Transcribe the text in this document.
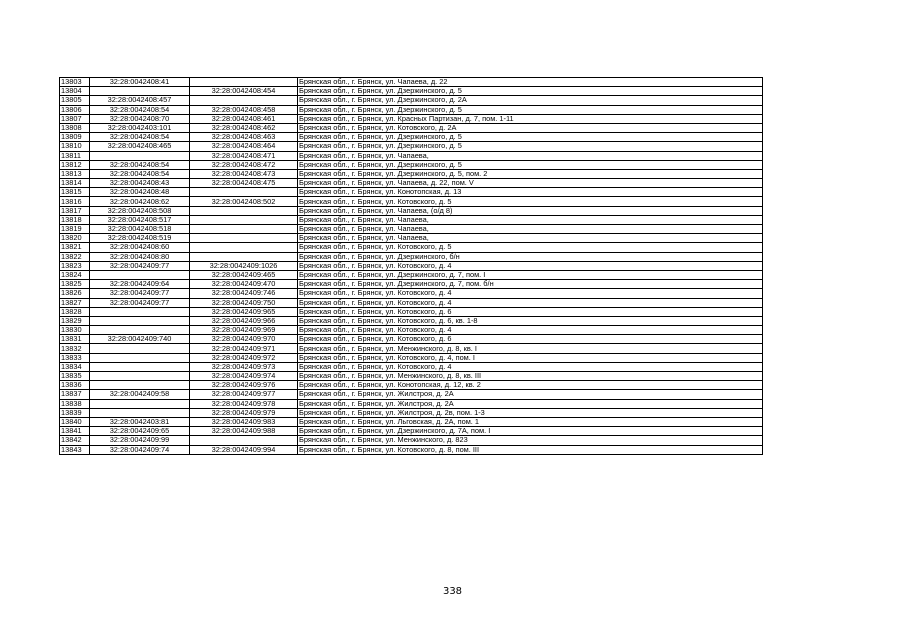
13803	32:28:0042408:41		Брянская обл., г. Брянск, ул. Чапаева, д. 22
13804		32:28:0042408:454	Брянская обл., г. Брянск, ул. Дзержинского, д. 5
13805	32:28:0042408:457		Брянская обл., г. Брянск, ул. Дзержинского, д. 2А
13806	32:28:0042408:54	32:28:0042408:458	Брянская обл., г. Брянск, ул. Дзержинского, д. 5
13807	32:28:0042408:70	32:28:0042408:461	Брянская обл., г. Брянск, ул. Красных Партизан, д. 7, пом. 1-11
13808	32:28:0042403:101	32:28:0042408:462	Брянская обл., г. Брянск, ул. Котовского, д. 2А
13809	32:28:0042408:54	32:28:0042408:463	Брянская обл., г. Брянск, ул. Дзержинского, д. 5
13810	32:28:0042408:465	32:28:0042408:464	Брянская обл., г. Брянск, ул. Дзержинского, д. 5
13811		32:28:0042408:471	Брянская обл., г. Брянск, ул. Чапаева,
13812	32:28:0042408:54	32:28:0042408:472	Брянская обл., г. Брянск, ул. Дзержинского, д. 5
13813	32:28:0042408:54	32:28:0042408:473	Брянская обл., г. Брянск, ул. Дзержинского, д. 5, пом. 2
13814	32:28:0042408:43	32:28:0042408:475	Брянская обл., г. Брянск, ул. Чапаева, д. 22, пом. V
13815	32:28:0042408:48		Брянская обл., г. Брянск, ул. Конотопская, д. 13
13816	32:28:0042408:62	32:28:0042408:502	Брянская обл., г. Брянск, ул. Котовского, д. 5
13817	32:28:0042408:508		Брянская обл., г. Брянск, ул. Чапаева, (о/д 8)
13818	32:28:0042408:517		Брянская обл., г. Брянск, ул. Чапаева,
13819	32:28:0042408:518		Брянская обл., г. Брянск, ул. Чапаева,
13820	32:28:0042408:519		Брянская обл., г. Брянск, ул. Чапаева,
13821	32:28:0042408:60		Брянская обл., г. Брянск, ул. Котовского, д. 5
13822	32:28:0042408:80		Брянская обл., г. Брянск, ул. Дзержинского, б/н
13823	32:28:0042409:77	32:28:0042409:1026	Брянская обл., г. Брянск, ул. Котовского, д. 4
13824		32:28:0042409:465	Брянская обл., г. Брянск, ул. Дзержинского, д. 7, пом. I
13825	32:28:0042409:64	32:28:0042409:470	Брянская обл., г. Брянск, ул. Дзержинского, д. 7, пом. б/н
13826	32:28:0042409:77	32:28:0042409:746	Брянская обл., г. Брянск, ул. Котовского, д. 4
13827	32:28:0042409:77	32:28:0042409:750	Брянская обл., г. Брянск, ул. Котовского, д. 4
13828		32:28:0042409:965	Брянская обл., г. Брянск, ул. Котовского, д. 6
13829		32:28:0042409:966	Брянская обл., г. Брянск, ул. Котовского, д. 6, кв. 1-8
13830		32:28:0042409:969	Брянская обл., г. Брянск, ул. Котовского, д. 4
13831	32:28:0042409:740	32:28:0042409:970	Брянская обл., г. Брянск, ул. Котовского, д. 6
13832		32:28:0042409:971	Брянская обл., г. Брянск, ул. Менжинского, д. 8, кв. I
13833		32:28:0042409:972	Брянская обл., г. Брянск, ул. Котовского, д. 4, пом. I
13834		32:28:0042409:973	Брянская обл., г. Брянск, ул. Котовского, д. 4
13835		32:28:0042409:974	Брянская обл., г. Брянск, ул. Менжинского, д. 8, кв. III
13836		32:28:0042409:976	Брянская обл., г. Брянск, ул. Конотопская, д. 12, кв. 2
13837	32:28:0042409:58	32:28:0042409:977	Брянская обл., г. Брянск, ул. Жилстроя, д. 2А
13838		32:28:0042409:978	Брянская обл., г. Брянск, ул. Жилстроя, д. 2А
13839		32:28:0042409:979	Брянская обл., г. Брянск, ул. Жилстроя, д. 2в, пом. 1-3
13840	32:28:0042403:81	32:28:0042409:983	Брянская обл., г. Брянск, ул. Льговская, д. 2А, пом. 1
13841	32:28:0042409:65	32:28:0042409:988	Брянская обл., г. Брянск, ул. Дзержинского, д. 7А, пом. I
13842	32:28:0042409:99		Брянская обл., г. Брянск, ул. Менжинского, д. 823
13843	32:28:0042409:74	32:28:0042409:994	Брянская обл., г. Брянск, ул. Котовского, д. 8, пом. III
338
